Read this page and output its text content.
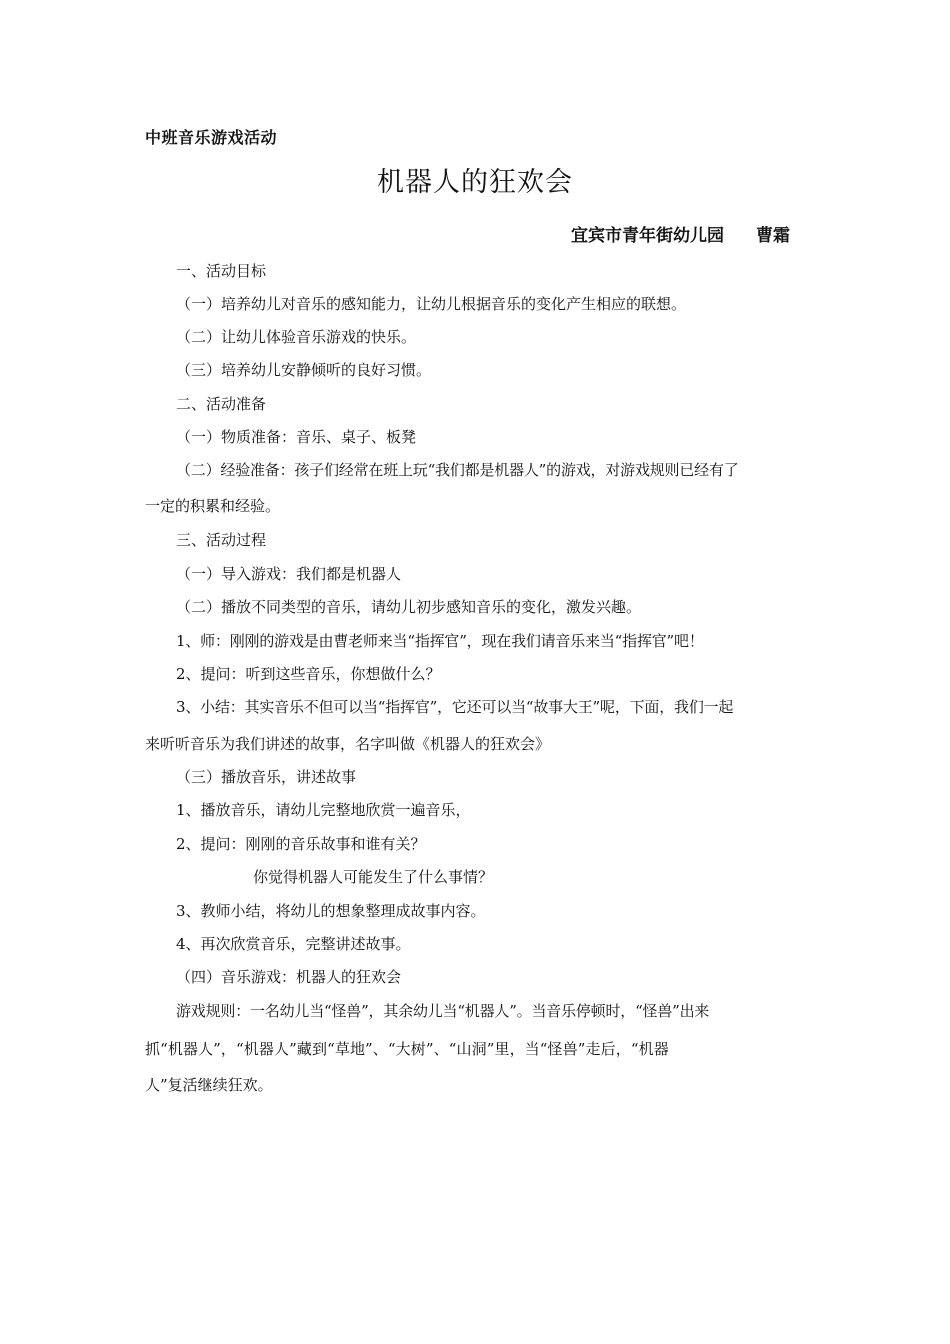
中班音乐游戏活动
机器人的狂欢会
宜宾市青年街幼儿园 曹霜
一、活动目标
（一）培养幼儿对音乐的感知能力，让幼儿根据音乐的变化产生相应的联想。
（二）让幼儿体验音乐游戏的快乐。
（三）培养幼儿安静倾听的良好习惯。
二、活动准备
（一）物质准备：音乐、桌子、板凳
（二）经验准备：孩子们经常在班上玩“我们都是机器人”的游戏，对游戏规则已经有了
一定的积累和经验。
三、活动过程
（一）导入游戏：我们都是机器人
（二）播放不同类型的音乐，请幼儿初步感知音乐的变化，激发兴趣。
1、师：刚刚的游戏是由曹老师来当“指挥官”，现在我们请音乐来当“指挥官”吧！
2、提问：听到这些音乐，你想做什么？
3、小结：其实音乐不但可以当“指挥官”，它还可以当“故事大王”呢，下面，我们一起
来听听音乐为我们讲述的故事，名字叫做《机器人的狂欢会》
（三）播放音乐，讲述故事
1、播放音乐，请幼儿完整地欣赏一遍音乐，
2、提问：刚刚的音乐故事和谁有关？
你觉得机器人可能发生了什么事情？
3、教师小结，将幼儿的想象整理成故事内容。
4、再次欣赏音乐，完整讲述故事。
（四）音乐游戏：机器人的狂欢会
游戏规则：一名幼儿当“怪兽”，其余幼儿当“机器人”。当音乐停顿时，“怪兽”出来
抓“机器人”，“机器人”藏到“草地”、“大树”、“山洞”里，当“怪兽”走后，“机器
人”复活继续狂欢。
